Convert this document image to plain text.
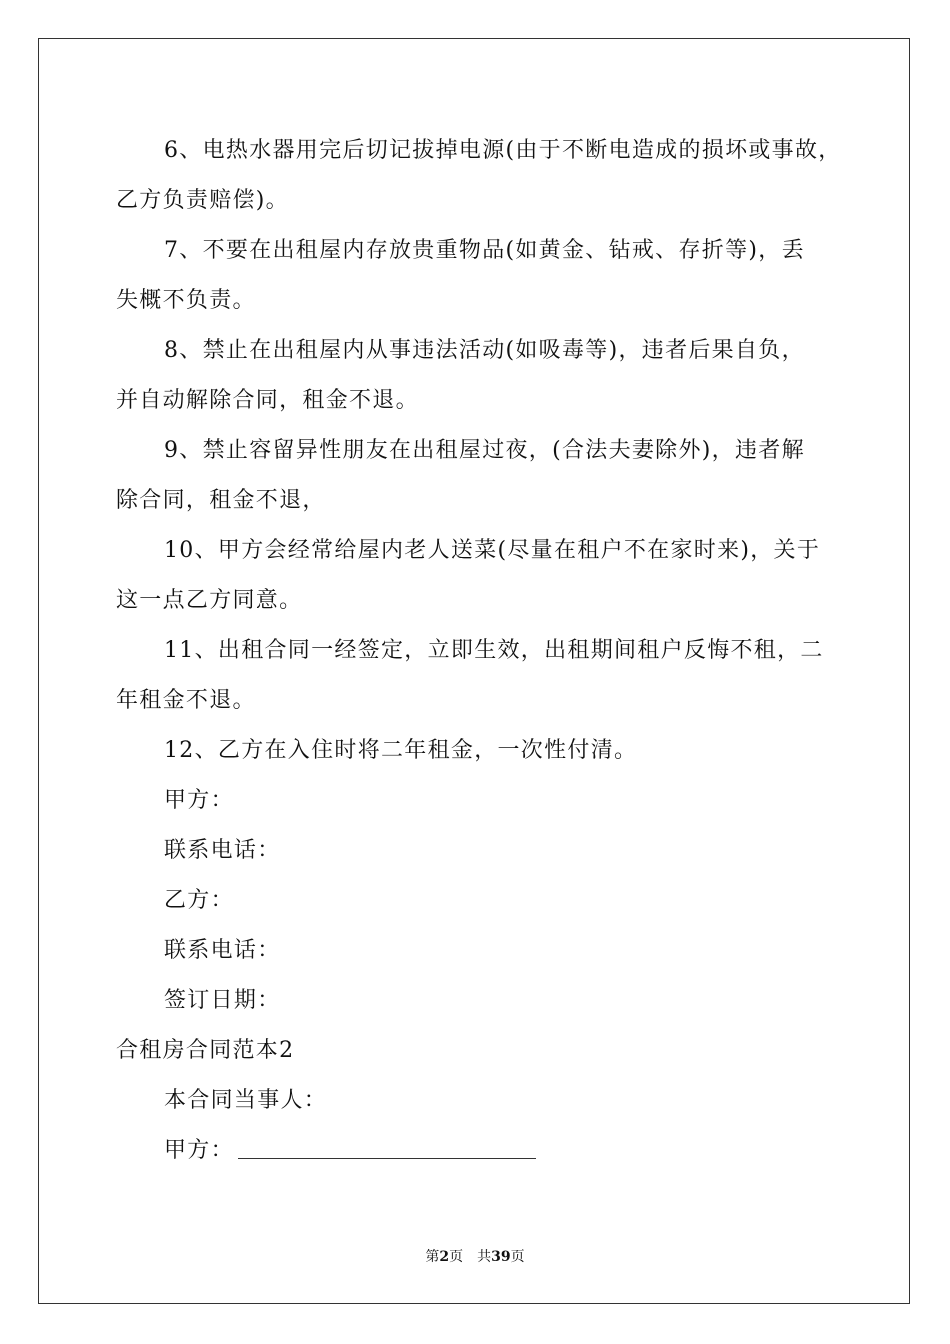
6、电热水器用完后切记拔掉电源(由于不断电造成的损坏或事故，
乙方负责赔偿)。
7、不要在出租屋内存放贵重物品(如黄金、钻戒、存折等)，丢
失概不负责。
8、禁止在出租屋内从事违法活动(如吸毒等)，违者后果自负，
并自动解除合同，租金不退。
9、禁止容留异性朋友在出租屋过夜，(合法夫妻除外)，违者解
除合同，租金不退，
10、甲方会经常给屋内老人送菜(尽量在租户不在家时来)，关于
这一点乙方同意。
11、出租合同一经签定，立即生效，出租期间租户反悔不租，二
年租金不退。
12、乙方在入住时将二年租金，一次性付清。
甲方：
联系电话：
乙方：
联系电话：
签订日期：
合租房合同范本2
本合同当事人：
甲方：
第2页 共39页
